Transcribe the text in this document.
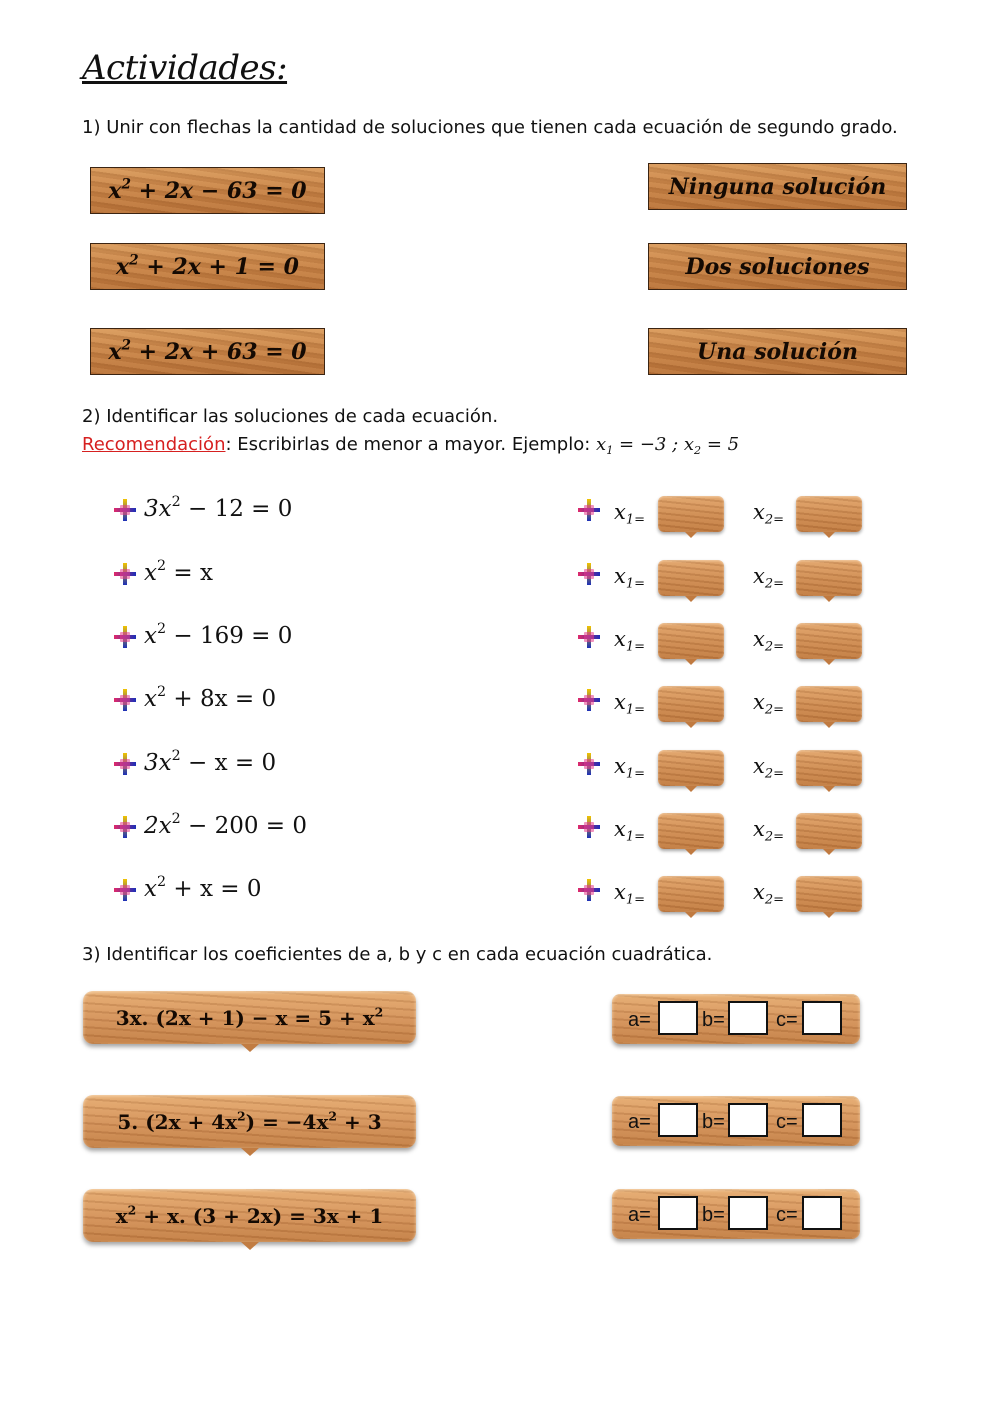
Actividades:
1) Unir con flechas la cantidad de soluciones que tienen cada ecuación de segundo grado.
$x^2 + 2x - 63 = 0$
$x^2 + 2x + 1 = 0$
$x^2 + 2x + 63 = 0$
Ninguna solución
Dos soluciones
Una solución
2) Identificar las soluciones de cada ecuación.
Recomendación: Escribirlas de menor a mayor. Ejemplo: $x_1 = -3$ ; $x_2 = 5$
$3x^2 - 12 = 0$	$x_{1=}$	$x_{2=}$
$x^2 = x$	$x_{1=}$	$x_{2=}$
$x^2 - 169 = 0$	$x_{1=}$	$x_{2=}$
$x^2 + 8x = 0$	$x_{1=}$	$x_{2=}$
$3x^2 - x = 0$	$x_{1=}$	$x_{2=}$
$2x^2 - 200 = 0$	$x_{1=}$	$x_{2=}$
$x^2 + x = 0$	$x_{1=}$	$x_{2=}$
3) Identificar los coeficientes de a, b y c en cada ecuación cuadrática.
3x. $(2x + 1) - x = 5 + x^2$
5. $(2x + 4x^2) = -4x^2 + 3$
$x^2 + x$. (3 + 2x) = 3x + 1
a=	b=	c=
a=	b=	c=
a=	b=	c=
